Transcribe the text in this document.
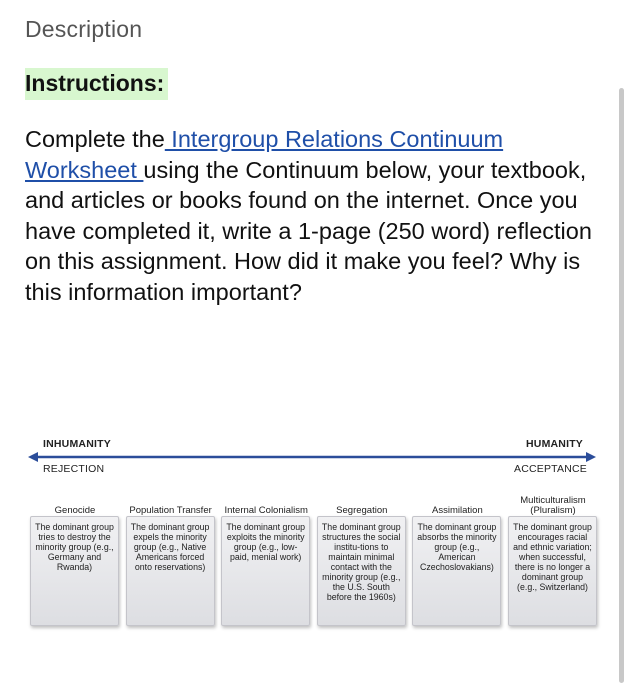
Description
Instructions:
Complete the Intergroup Relations Continuum Worksheet using the Continuum below, your textbook, and articles or books found on the internet. Once you have completed it, write a 1-page (250 word) reflection on this assignment. How did it make you feel? Why is this information important?
INHUMANITY
REJECTION
HUMANITY
ACCEPTANCE
Genocide
The dominant group tries to destroy the minority group (e.g., Germany and Rwanda)
Population Transfer
The dominant group expels the minority group (e.g., Native Americans forced onto reservations)
Internal Colonialism
The dominant group exploits the minority group (e.g., low-paid, menial work)
Segregation
The dominant group structures the social institu-tions to maintain minimal contact with the minority group (e.g., the U.S. South before the 1960s)
Assimilation
The dominant group absorbs the minority group (e.g., American Czechoslovakians)
Multiculturalism (Pluralism)
The dominant group encourages racial and ethnic variation; when successful, there is no longer a dominant group (e.g., Switzerland)
